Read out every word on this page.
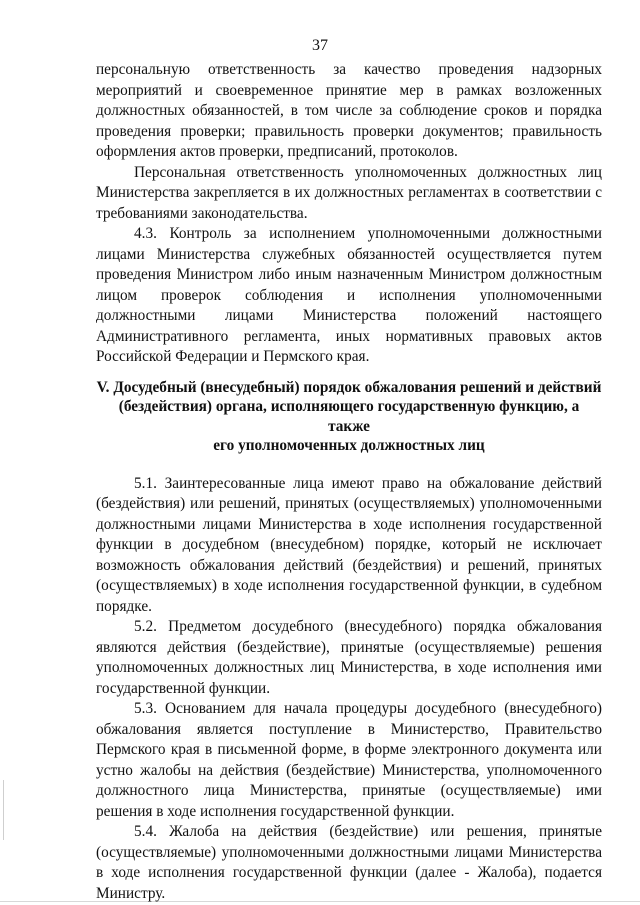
37

персональную ответственность за качество проведения надзорных мероприятий и своевременное принятие мер в рамках возложенных должностных обязанностей, в том числе за соблюдение сроков и порядка проведения проверки; правильность проверки документов; правильность оформления актов проверки, предписаний, протоколов.

Персональная ответственность уполномоченных должностных лиц Министерства закрепляется в их должностных регламентах в соответствии с требованиями законодательства.

4.3. Контроль за исполнением уполномоченными должностными лицами Министерства служебных обязанностей осуществляется путем проведения Министром либо иным назначенным Министром должностным лицом проверок соблюдения и исполнения уполномоченными должностными лицами Министерства положений настоящего Административного регламента, иных нормативных правовых актов Российской Федерации и Пермского края.

V. Досудебный (внесудебный) порядок обжалования решений и действий
(бездействия) органа, исполняющего государственную функцию, а также
его уполномоченных должностных лиц

5.1. Заинтересованные лица имеют право на обжалование действий (бездействия) или решений, принятых (осуществляемых) уполномоченными должностными лицами Министерства в ходе исполнения государственной функции в досудебном (внесудебном) порядке, который не исключает возможность обжалования действий (бездействия) и решений, принятых (осуществляемых) в ходе исполнения государственной функции, в судебном порядке.

5.2. Предметом досудебного (внесудебного) порядка обжалования являются действия (бездействие), принятые (осуществляемые) решения уполномоченных должностных лиц Министерства, в ходе исполнения ими государственной функции.

5.3. Основанием для начала процедуры досудебного (внесудебного) обжалования является поступление в Министерство, Правительство Пермского края в письменной форме, в форме электронного документа или устно жалобы на действия (бездействие) Министерства, уполномоченного должностного лица Министерства, принятые (осуществляемые) ими решения в ходе исполнения государственной функции.

5.4. Жалоба на действия (бездействие) или решения, принятые (осуществляемые) уполномоченными должностными лицами Министерства в ходе исполнения государственной функции (далее - Жалоба), подается Министру.
